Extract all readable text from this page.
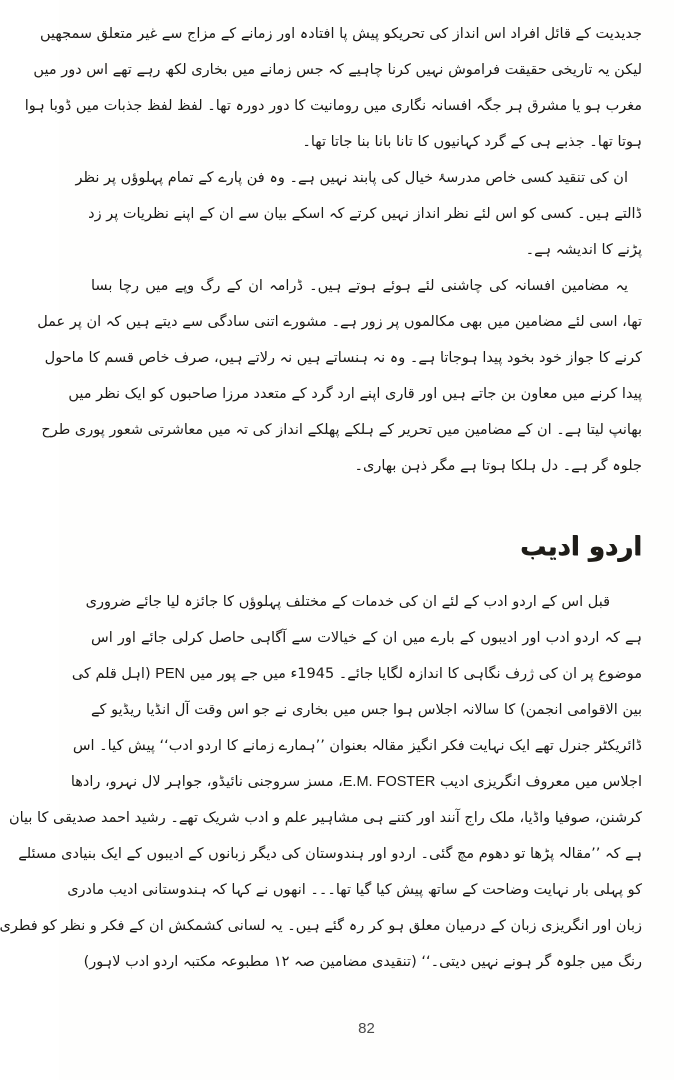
جدیدیت کے قائل افراد اس انداز کی تحریکو پیش پا افتادہ اور زمانے کے مزاج سے غیر متعلق سمجھیں
لیکن یہ تاریخی حقیقت فراموش نہیں کرنا چاہیے کہ جس زمانے میں بخاری لکھ رہے تھے اس دور میں
مغرب ہو یا مشرق ہر جگہ افسانہ نگاری میں رومانیت کا دور دورہ تھا۔ لفظ لفظ جذبات میں ڈوبا ہوا
ہوتا تھا۔ جذبے ہی کے گرد کہانیوں کا تانا بانا بنا جاتا تھا۔
ان کی تنقید کسی خاص مدرسۂ خیال کی پابند نہیں ہے۔ وہ فن پارے کے تمام پہلوؤں پر نظر
ڈالتے ہیں۔ کسی کو اس لئے نظر انداز نہیں کرتے کہ اسکے بیان سے ان کے اپنے نظریات پر زد
پڑنے کا اندیشہ ہے۔
یہ مضامین افسانہ کی چاشنی لئے ہوئے ہوتے ہیں۔ ڈرامہ ان کے رگ وپے میں رچا بسا
تھا، اسی لئے مضامین میں بھی مکالموں پر زور ہے۔ مشورے اتنی سادگی سے دیتے ہیں کہ ان پر عمل
کرنے کا جواز خود بخود پیدا ہوجاتا ہے۔ وہ نہ ہنساتے ہیں نہ رلاتے ہیں، صرف خاص قسم کا ماحول
پیدا کرنے میں معاون بن جاتے ہیں اور قاری اپنے ارد گرد کے متعدد مرزا صاحبوں کو ایک نظر میں
بھانپ لیتا ہے۔ ان کے مضامین میں تحریر کے ہلکے پھلکے انداز کی تہ میں معاشرتی شعور پوری طرح
جلوہ گر ہے۔ دل ہلکا ہوتا ہے مگر ذہن بھاری۔
اردو ادیب
قبل اس کے اردو ادب کے لئے ان کی خدمات کے مختلف پہلوؤں کا جائزہ لیا جائے ضروری
ہے کہ اردو ادب اور ادیبوں کے بارے میں ان کے خیالات سے آگاہی حاصل کرلی جائے اور اس
موضوع پر ان کی ژرف نگاہی کا اندازہ لگایا جائے۔ 1945ء میں جے پور میں PEN (اہل قلم کی
بین الاقوامی انجمن) کا سالانہ اجلاس ہوا جس میں بخاری نے جو اس وقت آل انڈیا ریڈیو کے
ڈائریکٹر جنرل تھے ایک نہایت فکر انگیز مقالہ بعنوان ’’ہمارے زمانے کا اردو ادب‘‘ پیش کیا۔ اس
اجلاس میں معروف انگریزی ادیب E.M. FOSTER، مسز سروجنی نائیڈو، جواہر لال نہرو، رادھا
کرشنن، صوفیا واڈیا، ملک راج آنند اور کتنے ہی مشاہیر علم و ادب شریک تھے۔ رشید احمد صدیقی کا بیان
ہے کہ ’’مقالہ پڑھا تو دھوم مچ گئی۔ اردو اور ہندوستان کی دیگر زبانوں کے ادیبوں کے ایک بنیادی مسئلے
کو پہلی بار نہایت وضاحت کے ساتھ پیش کیا گیا تھا۔۔۔ انھوں نے کہا کہ ہندوستانی ادیب مادری
زبان اور انگریزی زبان کے درمیان معلق ہو کر رہ گئے ہیں۔ یہ لسانی کشمکش ان کے فکر و نظر کو فطری
رنگ میں جلوہ گر ہونے نہیں دیتی۔‘‘ (تنقیدی مضامین صہ ۱۲ مطبوعہ مکتبہ اردو ادب لاہور)
82
